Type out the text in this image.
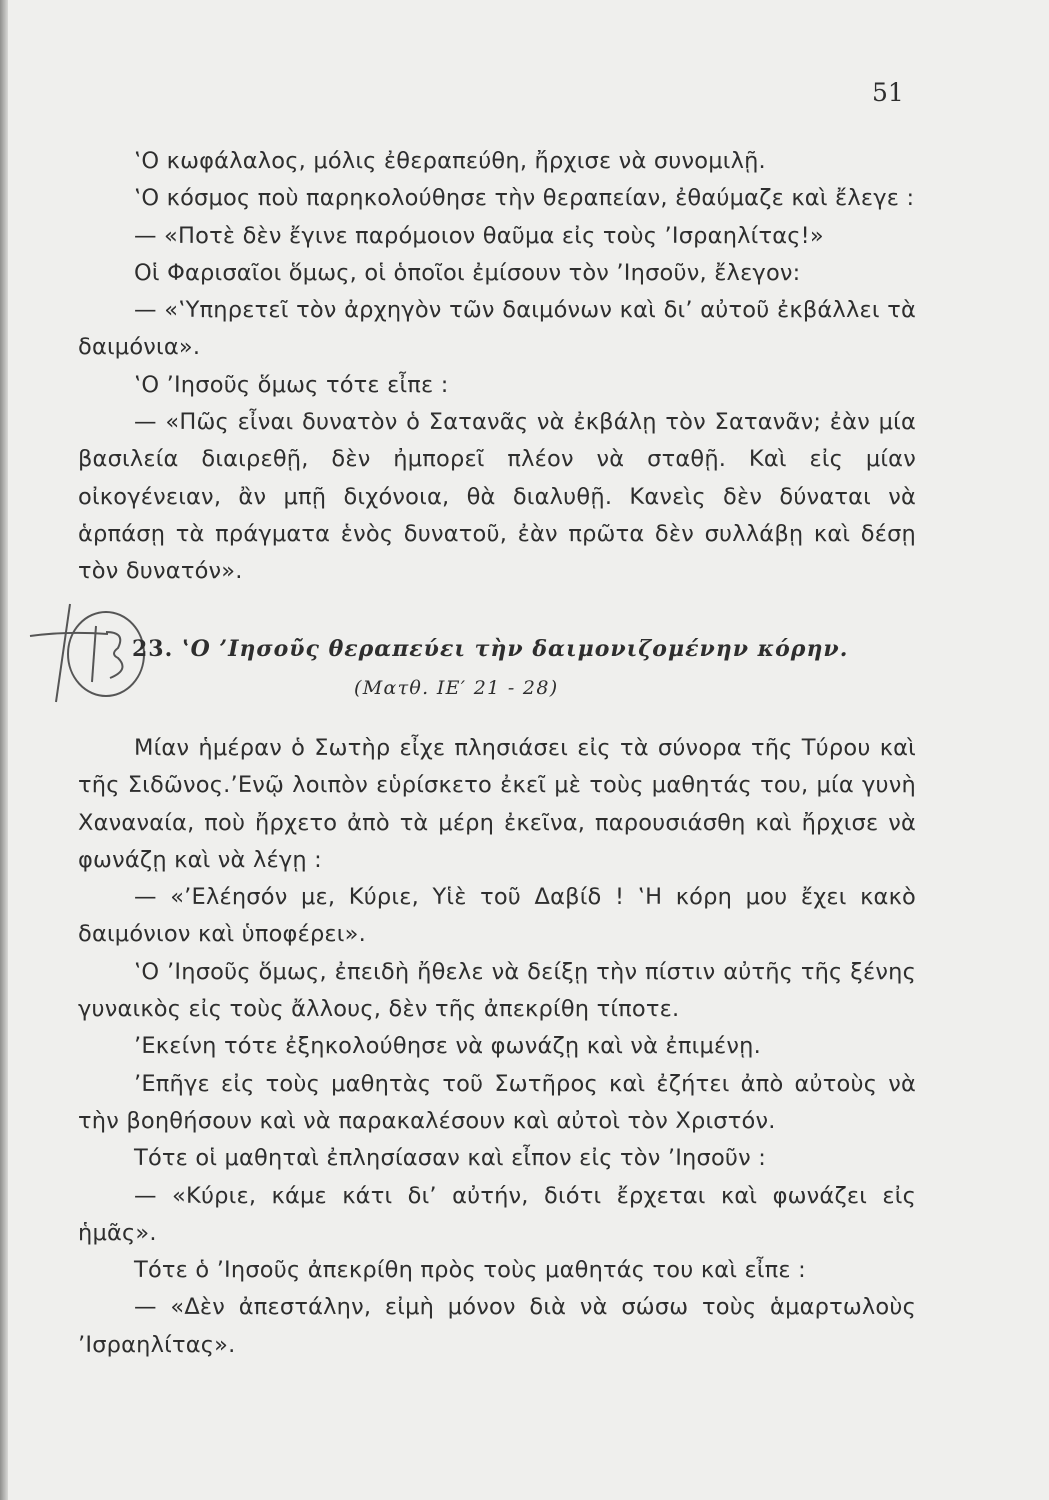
51

‛Ο κωφάλαλος, μόλις ἐθεραπεύθη, ἤρχισε νὰ συνομιλῇ.

‛Ο κόσμος ποὺ παρηκολούθησε τὴν θεραπείαν, ἐθαύμαζε καὶ ἔλεγε :

— «Ποτὲ δὲν ἔγινε παρόμοιον θαῦμα εἰς τοὺς ’Ισραηλίτας!»

Οἱ Φαρισαῖοι ὅμως, οἱ ὁποῖοι ἐμίσουν τὸν ’Ιησοῦν, ἔλεγον:

— «‛Υπηρετεῖ τὸν ἀρχηγὸν τῶν δαιμόνων καὶ δι’ αὐτοῦ ἐκβάλλει τὰ δαιμόνια».

‛Ο ’Ιησοῦς ὅμως τότε εἶπε :

— «Πῶς εἶναι δυνατὸν ὁ Σατανᾶς νὰ ἐκβάλῃ τὸν Σατανᾶν; ἐὰν μία βασιλεία διαιρεθῇ, δὲν ἠμπορεῖ πλέον νὰ σταθῇ. Καὶ εἰς μίαν οἰκογένειαν, ἂν μπῇ διχόνοια, θὰ διαλυθῇ. Κανεὶς δὲν δύναται νὰ ἁρπάσῃ τὰ πράγματα ἑνὸς δυνατοῦ, ἐὰν πρῶτα δὲν συλλάβῃ καὶ δέσῃ τὸν δυνατόν».

23. ‛Ο ’Ιησοῦς θεραπεύει τὴν δαιμονιζομένην κόρην.
(Ματθ. ΙΕ′ 21 - 28)

Μίαν ἡμέραν ὁ Σωτὴρ εἶχε πλησιάσει εἰς τὰ σύνορα τῆς Τύρου καὶ τῆς Σιδῶνος.’Ενῷ λοιπὸν εὑρίσκετο ἐκεῖ μὲ τοὺς μαθητάς του, μία γυνὴ Χαναναία, ποὺ ἤρχετο ἀπὸ τὰ μέρη ἐκεῖνα, παρουσιάσθη καὶ ἤρχισε νὰ φωνάζῃ καὶ νὰ λέγῃ :

— «’Ελέησόν με, Κύριε, Υἱὲ τοῦ Δαβίδ ! ‛Η κόρη μου ἔχει κακὸ δαιμόνιον καὶ ὑποφέρει».

‛Ο ’Ιησοῦς ὅμως, ἐπειδὴ ἤθελε νὰ δείξῃ τὴν πίστιν αὐτῆς τῆς ξένης γυναικὸς εἰς τοὺς ἄλλους, δὲν τῆς ἀπεκρίθη τίποτε.

’Εκείνη τότε ἐξηκολούθησε νὰ φωνάζῃ καὶ νὰ ἐπιμένῃ.

’Επῆγε εἰς τοὺς μαθητὰς τοῦ Σωτῆρος καὶ ἐζήτει ἀπὸ αὐτοὺς νὰ τὴν βοηθήσουν καὶ νὰ παρακαλέσουν καὶ αὐτοὶ τὸν Χριστόν.

Τότε οἱ μαθηταὶ ἐπλησίασαν καὶ εἶπον εἰς τὸν ’Ιησοῦν :

— «Κύριε, κάμε κάτι δι’ αὐτήν, διότι ἔρχεται καὶ φωνάζει εἰς ἡμᾶς».

Τότε ὁ ’Ιησοῦς ἀπεκρίθη πρὸς τοὺς μαθητάς του καὶ εἶπε :

— «Δὲν ἀπεστάλην, εἰμὴ μόνον διὰ νὰ σώσω τοὺς ἁμαρτωλοὺς ’Ισραηλίτας».
